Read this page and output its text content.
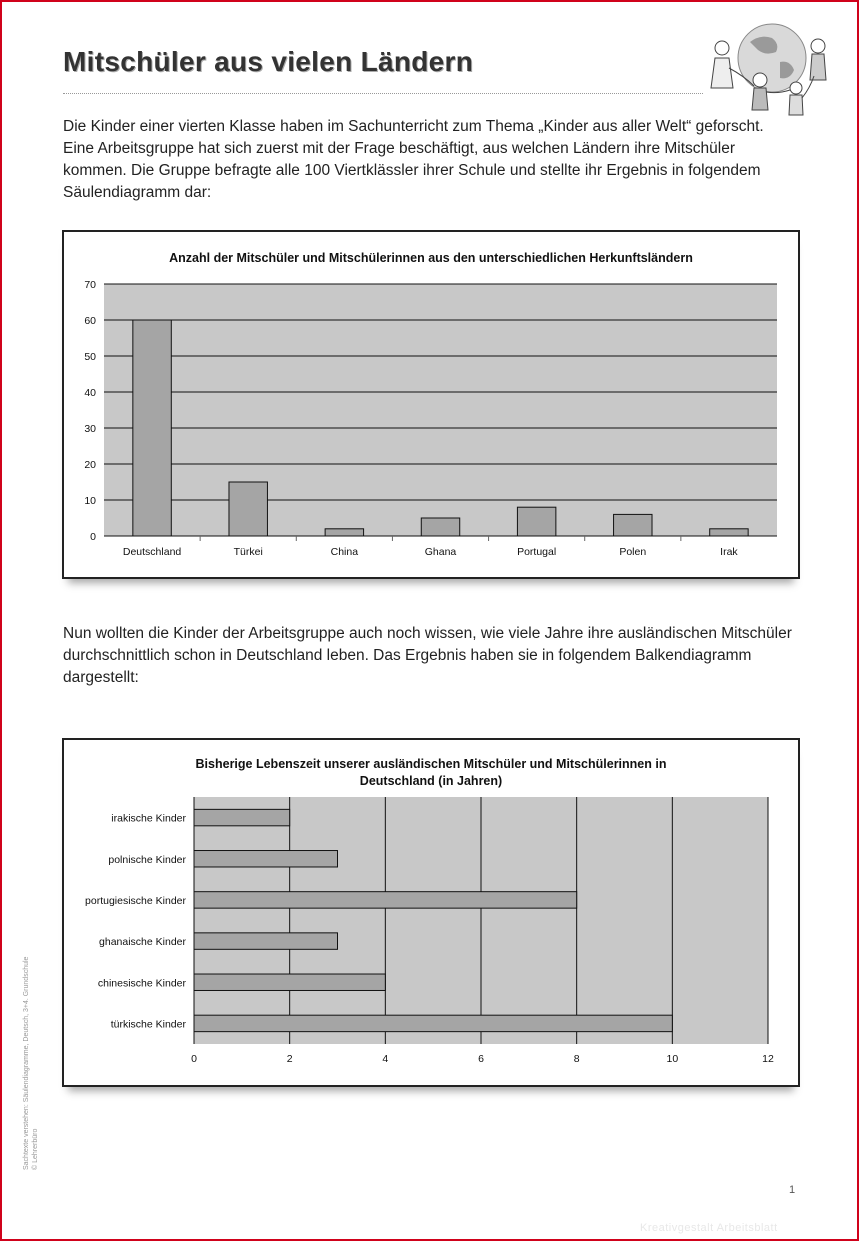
Mitschüler aus vielen Ländern
Die Kinder einer vierten Klasse haben im Sachunterricht zum Thema „Kinder aus aller Welt“ geforscht. Eine Arbeitsgruppe hat sich zuerst mit der Frage beschäftigt, aus welchen Ländern ihre Mitschüler kommen. Die Gruppe befragte alle 100 Viertklässler ihrer Schule und stellte ihr Ergebnis in folgendem Säulendiagramm dar:
Anzahl der Mitschüler und Mitschülerinnen aus den unterschiedlichen Herkunftsländern
0
10
20
30
40
50
60
70
Deutschland	Türkei	China	Ghana	Portugal	Polen	Irak
Nun wollten die Kinder der Arbeitsgruppe auch noch wissen, wie viele Jahre ihre ausländischen Mitschüler durchschnittlich schon in Deutschland leben. Das Ergebnis haben sie in folgendem Balkendiagramm dargestellt:
Bisherige Lebenszeit unserer ausländischen Mitschüler und Mitschülerinnen in
Deutschland (in Jahren)
0	2	4	6	8	10	12
irakische Kinder
polnische Kinder
portugiesische Kinder
ghanaische Kinder
chinesische Kinder
türkische Kinder
Sachtexte verstehen: Säulendiagramme, Deutsch, 3+4. Grundschule © Lehrerbüro
1
Kreativgestalt Arbeitsblatt
